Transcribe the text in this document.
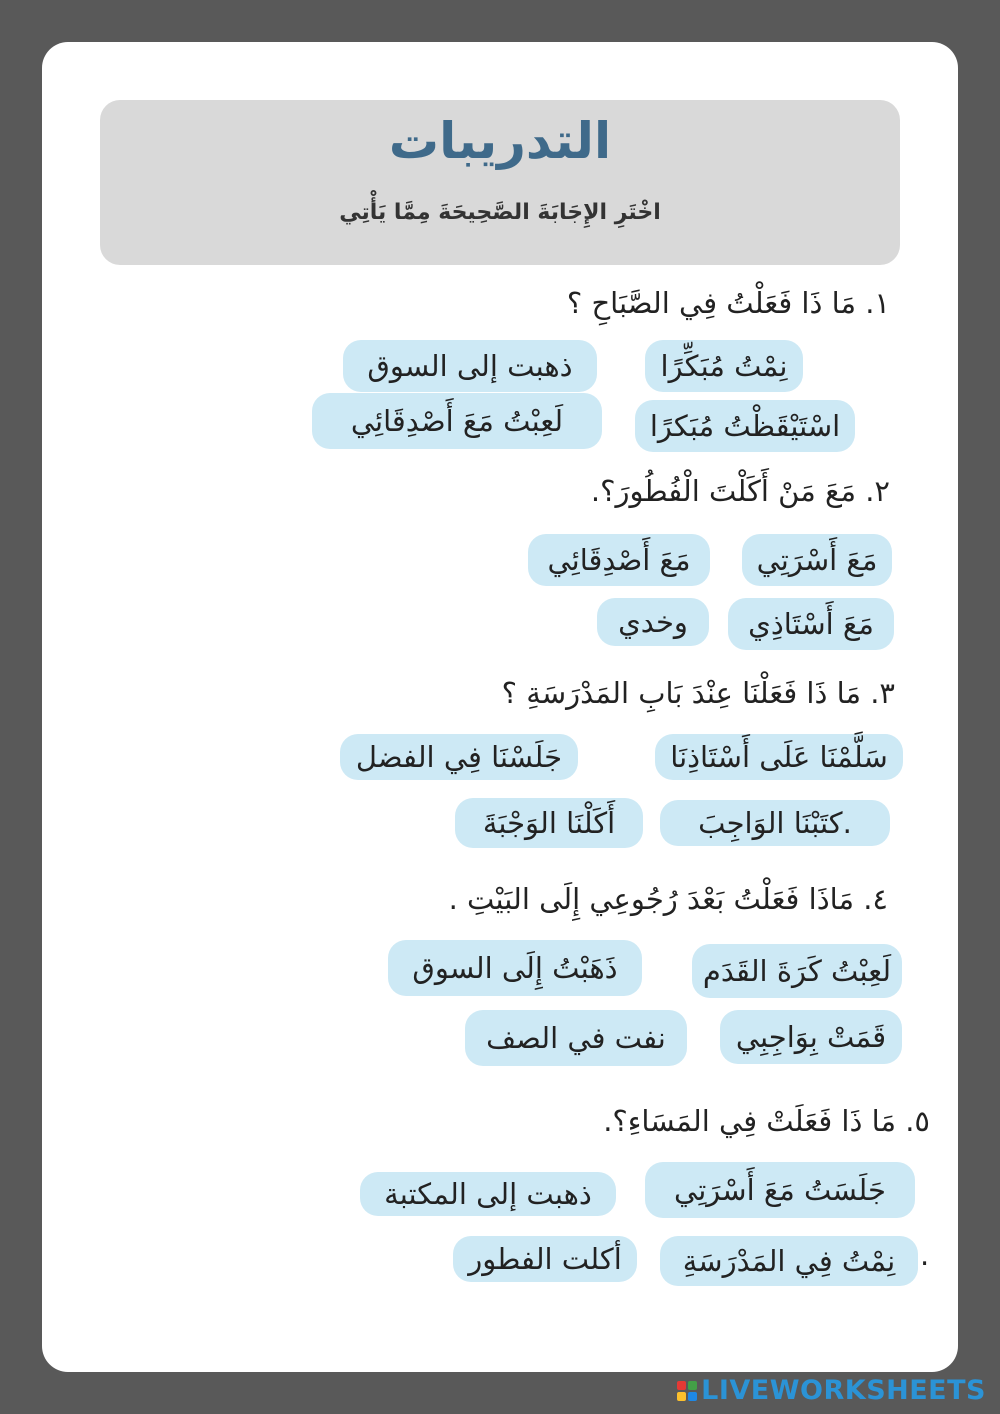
التدريبات
اخْتَرِ الإِجَابَةَ الصَّحِيحَةَ مِمَّا يَأْتِي
١. مَا ذَا فَعَلْتُ فِي الصَّبَاحِ ؟
نِمْتُ مُبَكِّرًا
ذهبت إلى السوق
اسْتَيْقَظْتُ مُبَكرًا
لَعِبْتُ مَعَ أَصْدِقَائِي
٢. مَعَ مَنْ أَكَلْتَ الْفُطُورَ؟.
مَعَ أَسْرَتِي
مَعَ أَصْدِقَائِي
مَعَ أَسْتَاذِي
وخدي
٣. مَا ذَا فَعَلْنَا عِنْدَ بَابِ المَدْرَسَةِ ؟
سَلَّمْنَا عَلَى أَسْتَاذِنَا
جَلَسْنَا فِي الفضل
.كتَبْنَا الوَاجِبَ
أَكَلْنَا الوَجْبَةَ
٤. مَاذَا فَعَلْتُ بَعْدَ رُجُوعِي إِلَى البَيْتِ .
لَعِبْتُ كَرَةَ القَدَم
ذَهَبْتُ إِلَى السوق
قَمَتْ بِوَاجِبِي
نفت في الصف
٥. مَا ذَا فَعَلَتْ فِي المَسَاءِ؟.
جَلَسَتُ مَعَ أَسْرَتِي
ذهبت إلى المكتبة
نِمْتُ فِي المَدْرَسَةِ .
أكلت الفطور
LIVEWORKSHEETS
